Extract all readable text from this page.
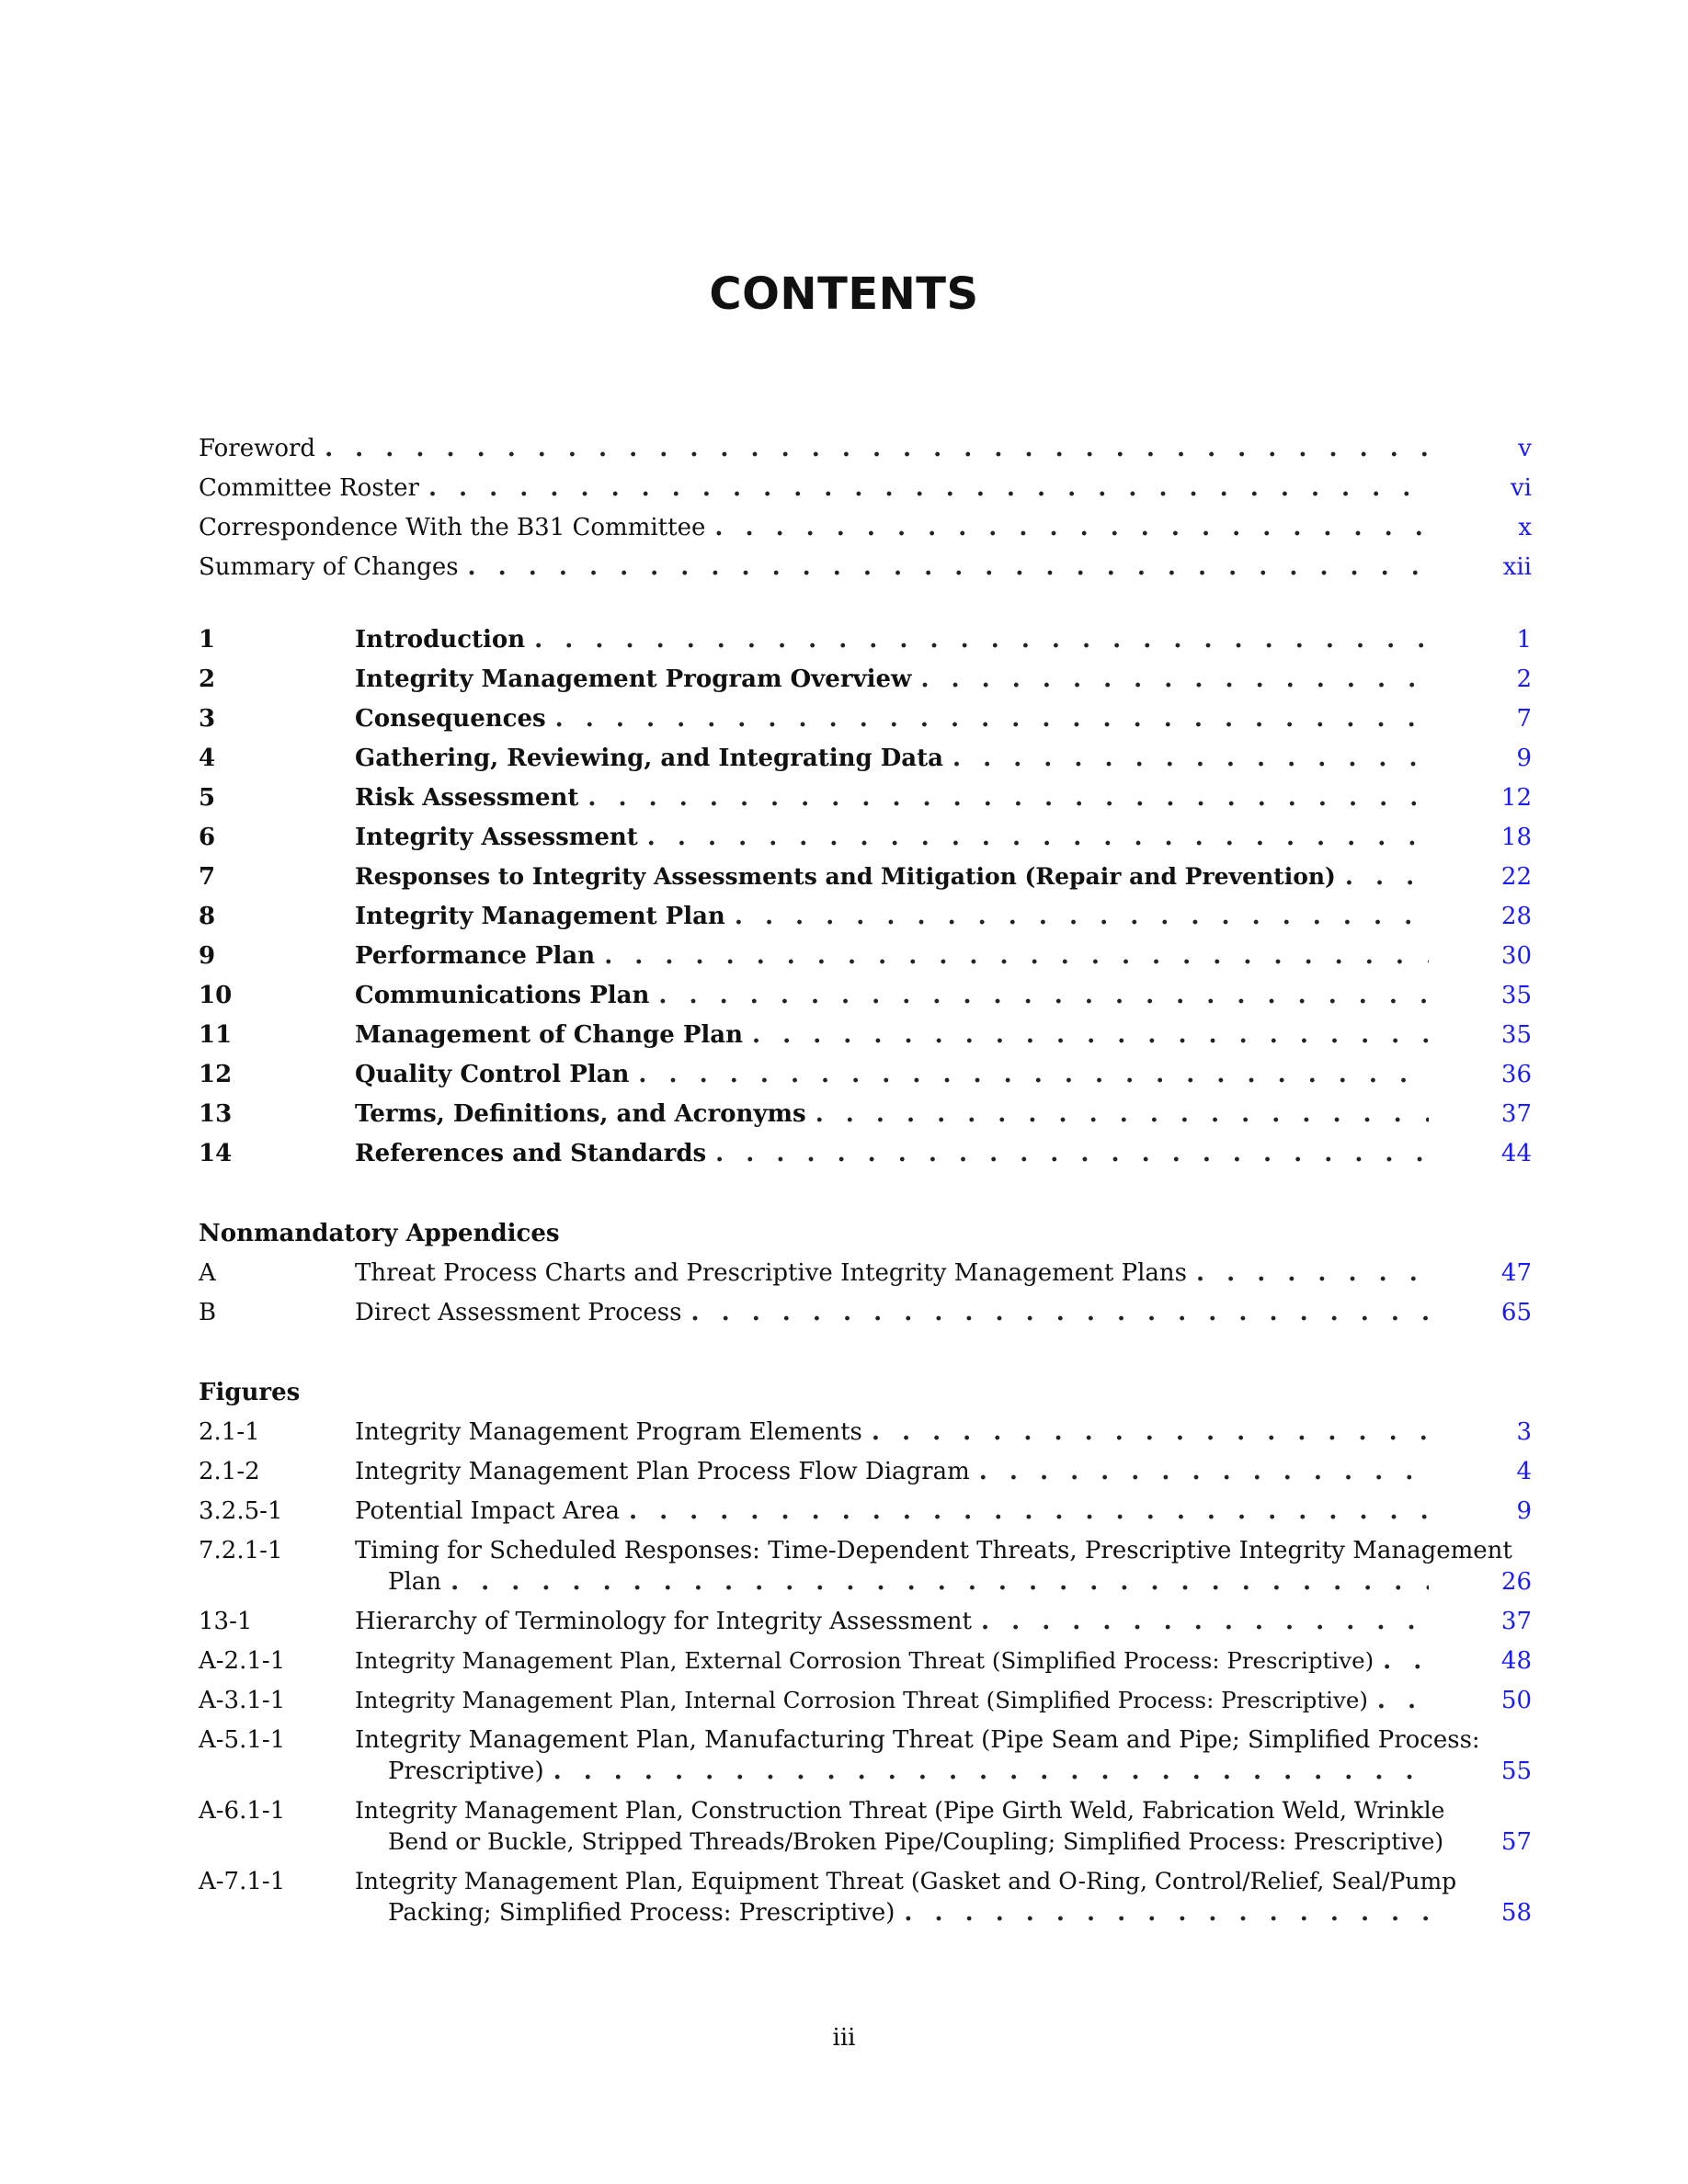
CONTENTS
Foreword . . .	v
Committee Roster . . .	vi
Correspondence With the B31 Committee . . .	x
Summary of Changes . . .	xii
1	Introduction . . .	1
2	Integrity Management Program Overview . . .	2
3	Consequences . . .	7
4	Gathering, Reviewing, and Integrating Data . . .	9
5	Risk Assessment . . .	12
6	Integrity Assessment . . .	18
7	Responses to Integrity Assessments and Mitigation (Repair and Prevention) . . .	22
8	Integrity Management Plan . . .	28
9	Performance Plan . . .	30
10	Communications Plan . . .	35
11	Management of Change Plan . . .	35
12	Quality Control Plan . . .	36
13	Terms, Definitions, and Acronyms . . .	37
14	References and Standards . . .	44
Nonmandatory Appendices
A	Threat Process Charts and Prescriptive Integrity Management Plans . . .	47
B	Direct Assessment Process . . .	65
Figures
2.1-1	Integrity Management Program Elements . . .	3
2.1-2	Integrity Management Plan Process Flow Diagram . . .	4
3.2.5-1	Potential Impact Area . . .	9
7.2.1-1	Timing for Scheduled Responses: Time-Dependent Threats, Prescriptive Integrity Management
Plan . . .	26
13-1	Hierarchy of Terminology for Integrity Assessment . . .	37
A-2.1-1	Integrity Management Plan, External Corrosion Threat (Simplified Process: Prescriptive) . . .	48
A-3.1-1	Integrity Management Plan, Internal Corrosion Threat (Simplified Process: Prescriptive) . . .	50
A-5.1-1	Integrity Management Plan, Manufacturing Threat (Pipe Seam and Pipe; Simplified Process:
Prescriptive) . . .	55
A-6.1-1	Integrity Management Plan, Construction Threat (Pipe Girth Weld, Fabrication Weld, Wrinkle
Bend or Buckle, Stripped Threads/Broken Pipe/Coupling; Simplified Process: Prescriptive)	57
A-7.1-1	Integrity Management Plan, Equipment Threat (Gasket and O-Ring, Control/Relief, Seal/Pump
Packing; Simplified Process: Prescriptive) . . .	58
iii
